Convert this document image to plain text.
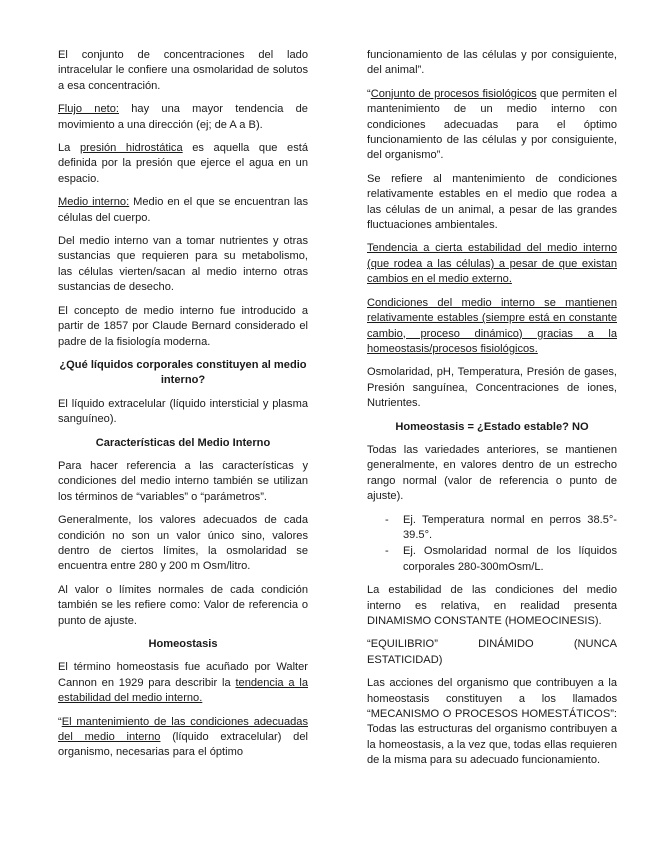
El conjunto de concentraciones del lado intracelular le confiere una osmolaridad de solutos a esa concentración.

Flujo neto: hay una mayor tendencia de movimiento a una dirección (ej; de A a B).

La presión hidrostática es aquella que está definida por la presión que ejerce el agua en un espacio.

Medio interno: Medio en el que se encuentran las células del cuerpo.

Del medio interno van a tomar nutrientes y otras sustancias que requieren para su metabolismo, las células vierten/sacan al medio interno otras sustancias de desecho.

El concepto de medio interno fue introducido a partir de 1857 por Claude Bernard considerado el padre de la fisiología moderna.

¿Qué líquidos corporales constituyen al medio interno?

El líquido extracelular (líquido intersticial y plasma sanguíneo).

Características del Medio Interno

Para hacer referencia a las características y condiciones del medio interno también se utilizan los términos de “variables” o “parámetros”.

Generalmente, los valores adecuados de cada condición no son un valor único sino, valores dentro de ciertos límites, la osmolaridad se encuentra entre 280 y 200 m Osm/litro.

Al valor o límites normales de cada condición también se les refiere como: Valor de referencia o punto de ajuste.

Homeostasis

El término homeostasis fue acuñado por Walter Cannon en 1929 para describir la tendencia a la estabilidad del medio interno.

“El mantenimiento de las condiciones adecuadas del medio interno (líquido extracelular) del organismo, necesarias para el óptimo

funcionamiento de las células y por consiguiente, del animal”.

“Conjunto de procesos fisiológicos que permiten el mantenimiento de un medio interno con condiciones adecuadas para el óptimo funcionamiento de las células y por consiguiente, del organismo”.

Se refiere al mantenimiento de condiciones relativamente estables en el medio que rodea a las células de un animal, a pesar de las grandes fluctuaciones ambientales.

Tendencia a cierta estabilidad del medio interno (que rodea a las células) a pesar de que existan cambios en el medio externo.

Condiciones del medio interno se mantienen relativamente estables (siempre está en constante cambio, proceso dinámico) gracias a la homeostasis/procesos fisiológicos.

Osmolaridad, pH, Temperatura, Presión de gases, Presión sanguínea, Concentraciones de iones, Nutrientes.

Homeostasis = ¿Estado estable? NO

Todas las variedades anteriores, se mantienen generalmente, en valores dentro de un estrecho rango normal (valor de referencia o punto de ajuste).

- Ej. Temperatura normal en perros 38.5°- 39.5°.
- Ej. Osmolaridad normal de los líquidos corporales 280-300mOsm/L.

La estabilidad de las condiciones del medio interno es relativa, en realidad presenta DINAMISMO CONSTANTE (HOMEOCINESIS).

“EQUILIBRIO” DINÁMIDO (NUNCA ESTATICIDAD)

Las acciones del organismo que contribuyen a la homeostasis constituyen a los llamados “MECANISMO O PROCESOS HOMESTÁTICOS”: Todas las estructuras del organismo contribuyen a la homeostasis, a la vez que, todas ellas requieren de la misma para su adecuado funcionamiento.
